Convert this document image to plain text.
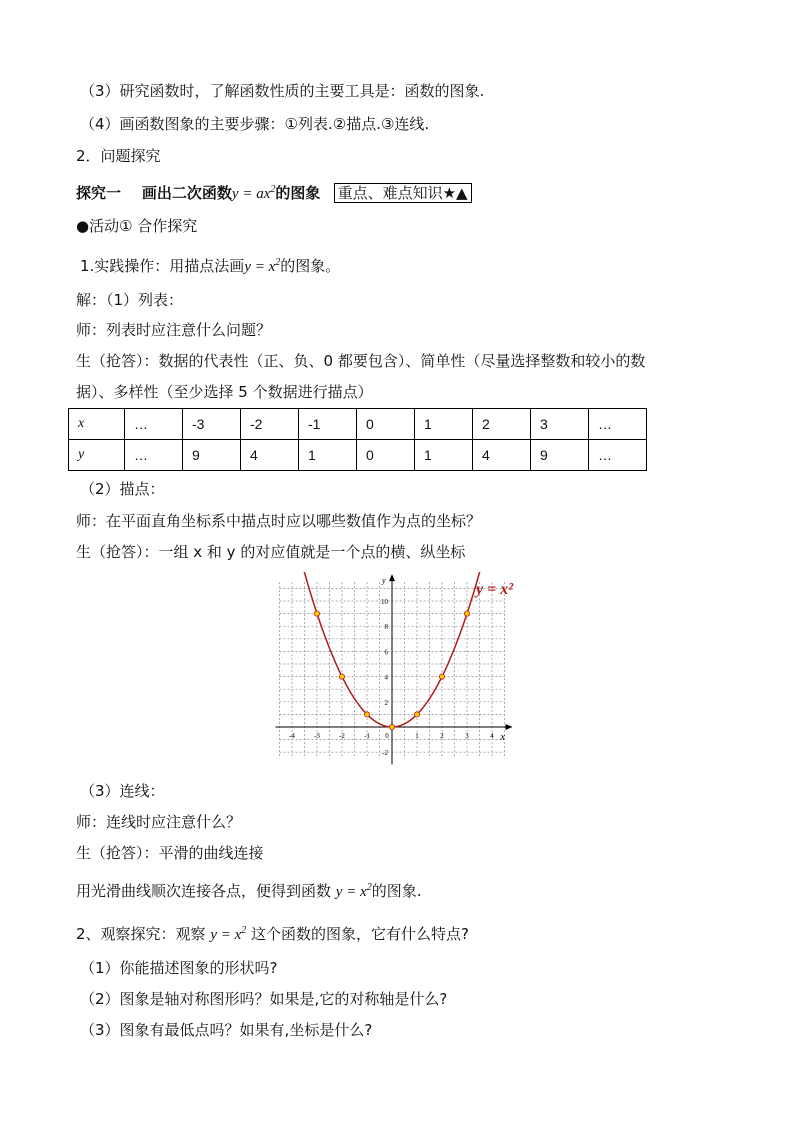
（3）研究函数时，了解函数性质的主要工具是：函数的图象.
（4）画函数图象的主要步骤：①列表.②描点.③连线.
2．问题探究
探究一 画出二次函数$y = ax^2$的图象 重点、难点知识★▲
●活动① 合作探究
1.实践操作：用描点法画$y = x^2$的图象。
解：（1）列表：
师：列表时应注意什么问题？
生（抢答）：数据的代表性（正、负、0 都要包含）、简单性（尽量选择整数和较小的数
据）、多样性（至少选择 5 个数据进行描点）
x	…	-3	-2	-1	0	1	2	3	…
y	…	9	4	1	0	1	4	9	…
（2）描点：
师：在平面直角坐标系中描点时应以哪些数值作为点的坐标？
生（抢答）：一组 x 和 y 的对应值就是一个点的横、纵坐标
-4	-3	-2	-1 0	1	2	3	4
-2
2
4
6
8
10
x
y
y = x²
（3）连线：
师：连线时应注意什么？
生（抢答）：平滑的曲线连接
用光滑曲线顺次连接各点，便得到函数 $y = x^2$的图象.
2、观察探究：观察 $y = x^2$ 这个函数的图象，它有什么特点?
（1）你能描述图象的形状吗?
（2）图象是轴对称图形吗？如果是,它的对称轴是什么?
（3）图象有最低点吗？如果有,坐标是什么?
